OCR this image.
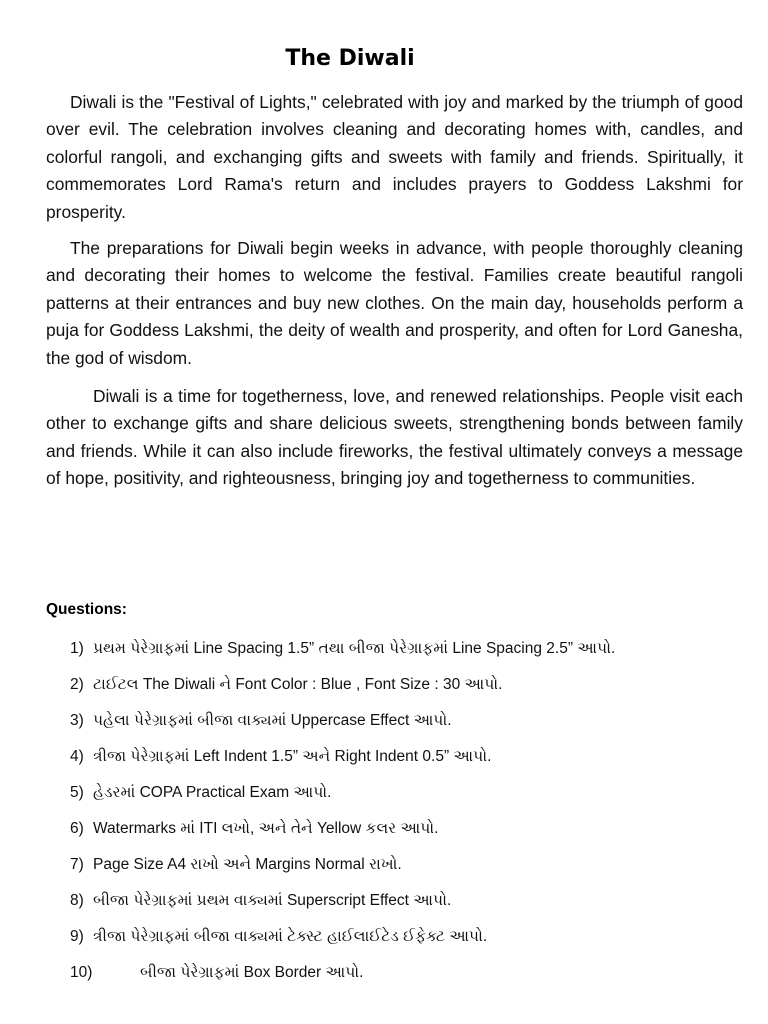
The Diwali

Diwali is the "Festival of Lights," celebrated with joy and marked by the triumph of good over evil. The celebration involves cleaning and decorating homes with, candles, and colorful rangoli, and exchanging gifts and sweets with family and friends. Spiritually, it commemorates Lord Rama's return and includes prayers to Goddess Lakshmi for prosperity.

The preparations for Diwali begin weeks in advance, with people thoroughly cleaning and decorating their homes to welcome the festival. Families create beautiful rangoli patterns at their entrances and buy new clothes. On the main day, households perform a puja for Goddess Lakshmi, the deity of wealth and prosperity, and often for Lord Ganesha, the god of wisdom.

Diwali is a time for togetherness, love, and renewed relationships. People visit each other to exchange gifts and share delicious sweets, strengthening bonds between family and friends. While it can also include fireworks, the festival ultimately conveys a message of hope, positivity, and righteousness, bringing joy and togetherness to communities.

Questions:
1) પ્રથમ પેરેગ્રાફમાં Line Spacing 1.5” તથા બીજા પેરેગ્રાફમાં Line Spacing 2.5” આપો.
2) ટાઈટલ The Diwali ને Font Color : Blue , Font Size : 30 આપો.
3) પહેલા પેરેગ્રાફમાં બીજા વાક્યમાં Uppercase Effect આપો.
4) ત્રીજા પેરેગ્રાફમાં Left Indent 1.5” અને Right Indent 0.5” આપો.
5) હેડરમાં COPA Practical Exam આપો.
6) Watermarks માં ITI લખો, અને તેને Yellow કલર આપો.
7) Page Size A4 રાખો અને Margins Normal રાખો.
8) બીજા પેરેગ્રાફમાં પ્રથમ વાક્યમાં Superscript Effect આપો.
9) ત્રીજા પેરેગ્રાફમાં બીજા વાક્યમાં ટેક્સ્ટ હાઈલાઈટેડ ઈફેક્ટ આપો.
10)	બીજા પેરેગ્રાફમાં Box Border આપો.
